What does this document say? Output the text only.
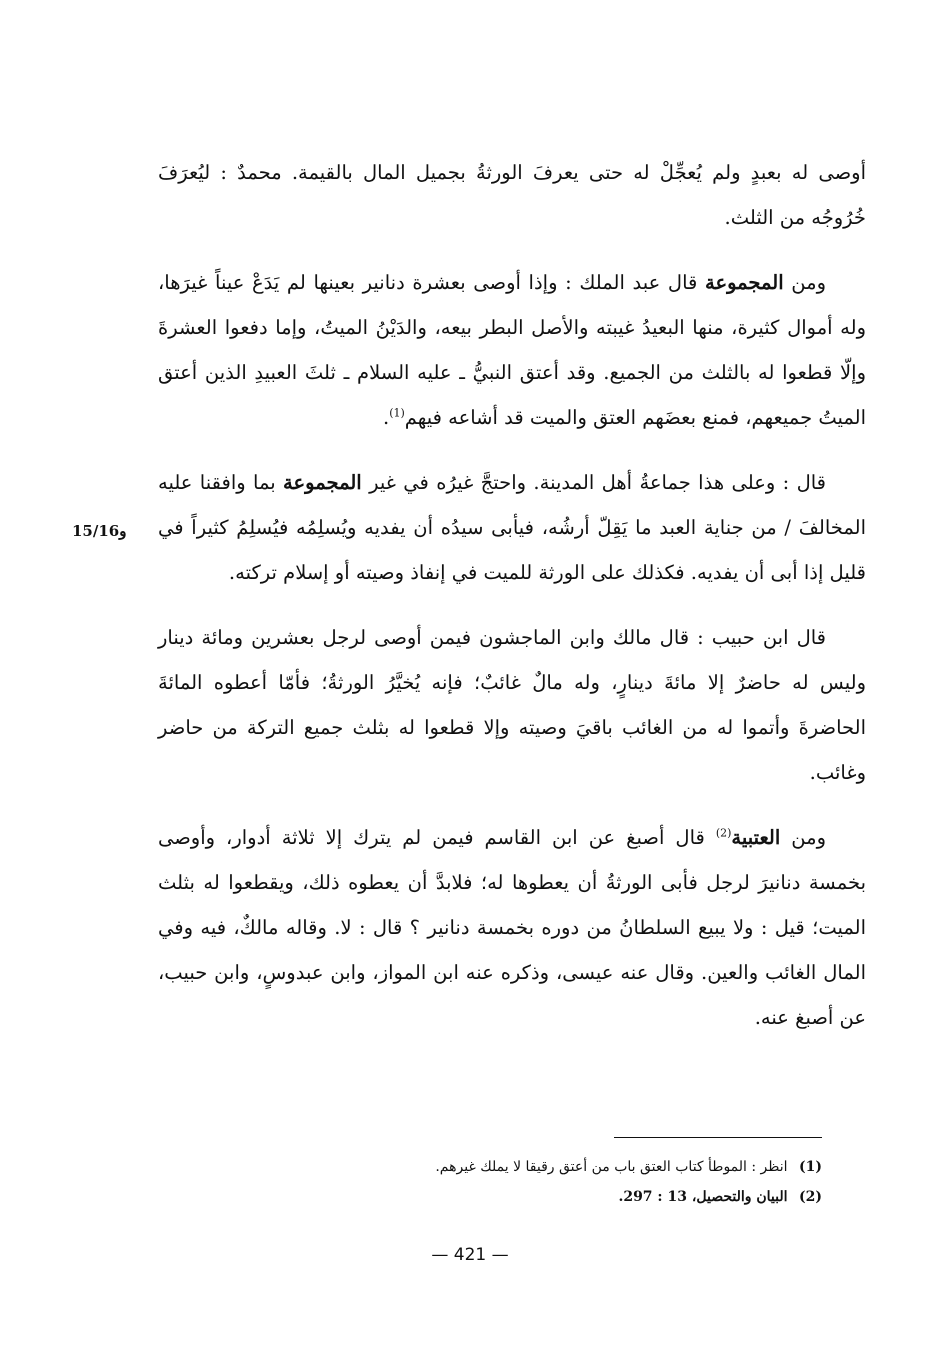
أوصى له بعبدٍ ولم يُعجِّلْ له حتى يعرفَ الورثةُ بجميل المال بالقيمة. محمدٌ : ليُعرَفَ خُرُوجُه من الثلث.

ومن المجموعة قال عبد الملك : وإذا أوصى بعشرة دنانير بعينها لم يَدَعْ عيناً غيرَها، وله أموال كثيرة، منها البعيدُ غيبته والأصل البطر بيعه، والدَيْنُ الميتُ، وإما دفعوا العشرةَ وإلّا قطعوا له بالثلث من الجميع. وقد أعتق النبيُّ ـ عليه السلام ـ ثلثَ العبيدِ الذين أعتق الميتُ جميعهم، فمنع بعضَهم العتق والميت قد أشاعه فيهم$^{(1)}$.

قال : وعلى هذا جماعةُ أهل المدينة. واحتجَّ غيرُه في غير المجموعة بما وافقنا عليه المخالفَ / من جناية العبد ما يَقِلّ أرشُه، فيأبى سيدُه أن يفديه ويُسلِمُه فيُسلِمُ كثيراً في قليل إذا أبى أن يفديه. فكذلك على الورثة للميت في إنفاذ وصيته أو إسلام تركته.

قال ابن حبيب : قال مالك وابن الماجشون فيمن أوصى لرجل بعشرين ومائة دينار وليس له حاضرٌ إلا مائةَ دينارٍ، وله مالٌ غائبٌ؛ فإنه يُخيَّرُ الورثةُ؛ فأمّا أعطوه المائةَ الحاضرةَ وأتموا له من الغائب باقيَ وصيته وإلا قطعوا له بثلث جميع التركة من حاضر وغائب.

ومن العتبية$^{(2)}$ قال أصبغ عن ابن القاسم فيمن لم يترك إلا ثلاثة أدوار، وأوصى بخمسة دنانيرَ لرجل فأبى الورثةُ أن يعطوها له؛ فلابدَّ أن يعطوه ذلك، ويقطعوا له بثلث الميت؛ قيل : ولا يبيع السلطانُ من دوره بخمسة دنانير ؟ قال : لا. وقاله مالكٌ، فيه وفي المال الغائب والعين. وقال عنه عيسى، وذكره عنه ابن المواز، وابن عبدوسٍ، وابن حبيب، عن أصبغ عنه.

15/16و
(1) انظر : الموطأ كتاب العتق باب من أعتق رقيقا لا يملك غيرهم.
(2) البيان والتحصيل، 13 : 297.
— 421 —
